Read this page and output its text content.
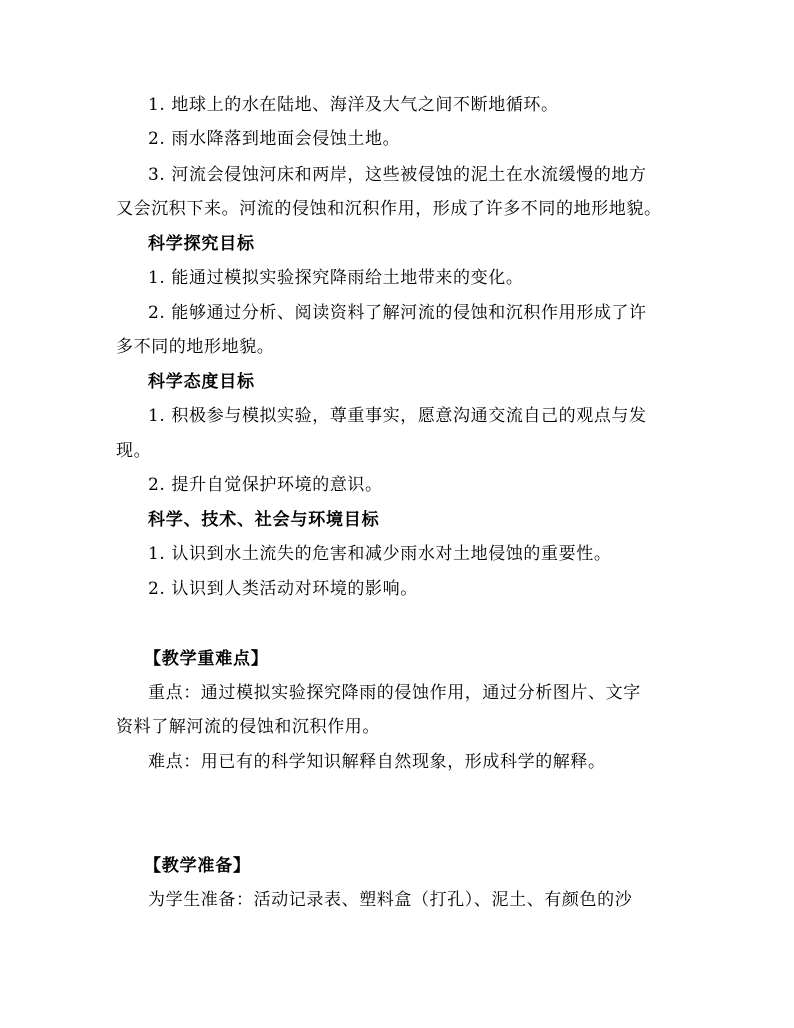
1. 地球上的水在陆地、海洋及大气之间不断地循环。
2. 雨水降落到地面会侵蚀土地。
3. 河流会侵蚀河床和两岸，这些被侵蚀的泥土在水流缓慢的地方
又会沉积下来。河流的侵蚀和沉积作用，形成了许多不同的地形地貌。
科学探究目标
1. 能通过模拟实验探究降雨给土地带来的变化。
2. 能够通过分析、阅读资料了解河流的侵蚀和沉积作用形成了许
多不同的地形地貌。
科学态度目标
1. 积极参与模拟实验，尊重事实，愿意沟通交流自己的观点与发
现。
2. 提升自觉保护环境的意识。
科学、技术、社会与环境目标
1. 认识到水土流失的危害和减少雨水对土地侵蚀的重要性。
2. 认识到人类活动对环境的影响。
【教学重难点】
重点：通过模拟实验探究降雨的侵蚀作用，通过分析图片、文字
资料了解河流的侵蚀和沉积作用。
难点：用已有的科学知识解释自然现象，形成科学的解释。
【教学准备】
为学生准备：活动记录表、塑料盒（打孔）、泥土、有颜色的沙
